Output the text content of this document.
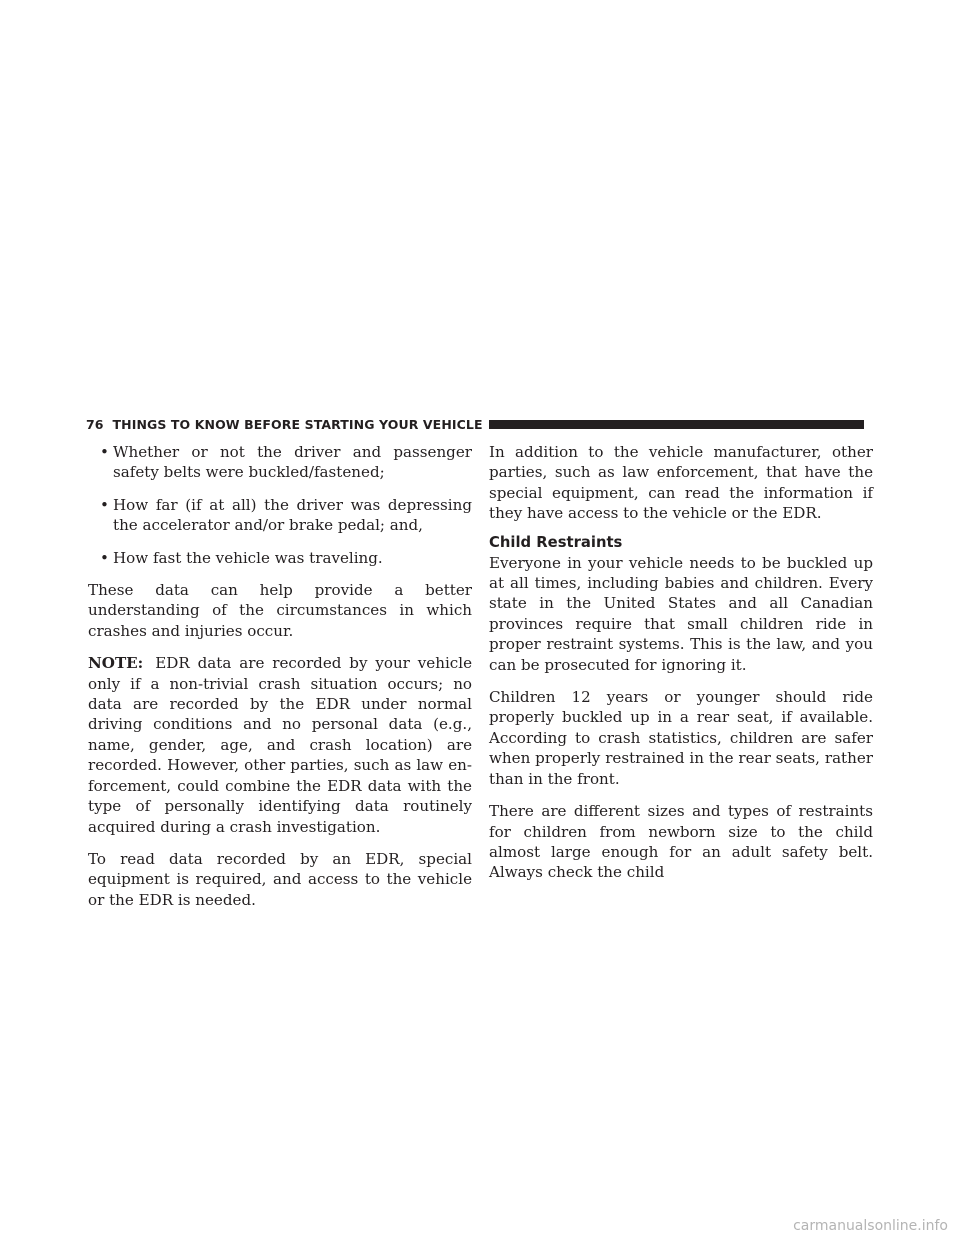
76 THINGS TO KNOW BEFORE STARTING YOUR VEHICLE
• Whether or not the driver and passenger safety belts were buckled/fastened;
• How far (if at all) the driver was depressing the accelerator and/or brake pedal; and,
• How fast the vehicle was traveling.

These data can help provide a better understanding of the circumstances in which crashes and injuries occur.

NOTE: EDR data are recorded by your vehicle only if a non-trivial crash situation occurs; no data are recorded by the EDR under normal driving conditions and no personal data (e.g., name, gender, age, and crash location) are recorded. However, other parties, such as law enforcement, could combine the EDR data with the type of personally identifying data routinely acquired during a crash investigation.

To read data recorded by an EDR, special equipment is required, and access to the vehicle or the EDR is needed.

In addition to the vehicle manufacturer, other parties, such as law enforcement, that have the special equipment, can read the information if they have access to the vehicle or the EDR.

Child Restraints

Everyone in your vehicle needs to be buckled up at all times, including babies and children. Every state in the United States and all Canadian provinces require that small children ride in proper restraint systems. This is the law, and you can be prosecuted for ignoring it.

Children 12 years or younger should ride properly buckled up in a rear seat, if available. According to crash statistics, children are safer when properly restrained in the rear seats, rather than in the front.

There are different sizes and types of restraints for children from newborn size to the child almost large enough for an adult safety belt. Always check the child

carmanualsonline.info
